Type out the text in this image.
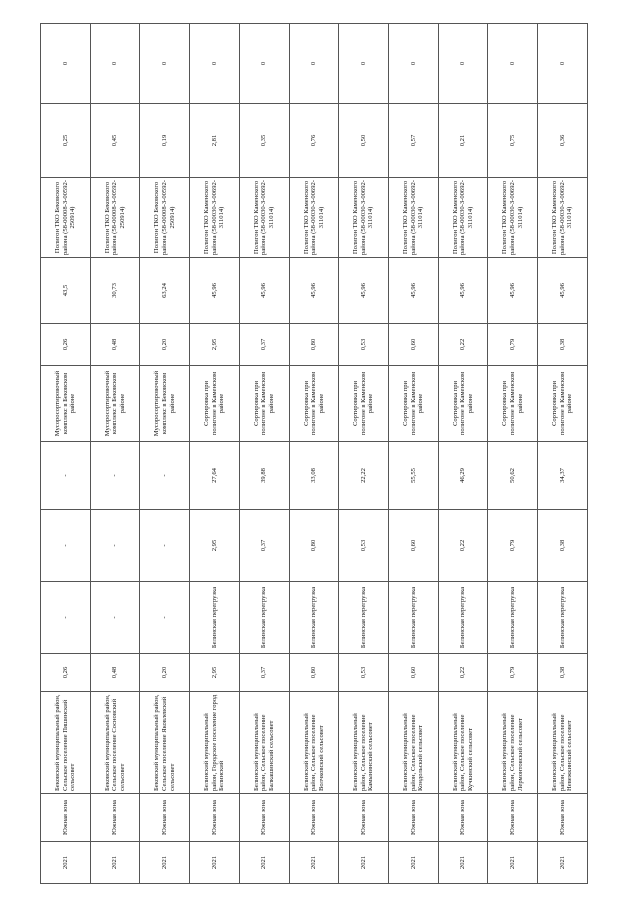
2021	Южная зона	Бековский муниципальный район, Сельское поселение Пяшинский сельсовет	0,26	-	-	-	Мусоросортировочный комплекс в Бековском районе	0,26	43,5	Полигон ТКО Бековского района (58-00008-З-00592-250914)	0,25	0
2021	Южная зона	Бековский муниципальный район, Сельское поселение Сосновский сельсовет	0,48	-	-	-	Мусоросортировочный комплекс в Бековском районе	0,48	30,73	Полигон ТКО Бековского района (58-00008-З-00592-250914)	0,45	0
2021	Южная зона	Бековский муниципальный район, Сельское поселение Яковлевский сельсовет	0,20	-	-	-	Мусоросортировочный комплекс в Бековском районе	0,20	63,24	Полигон ТКО Бековского района (58-00008-З-00592-250914)	0,19	0
2021	Южная зона	Белинский муниципальный район, Городское поселение город Белинский	2,95	Белинская перегрузка	2,95	27,64	Сортировка при полигоне в Каменском районе	2,95	45,96	Полигон ТКО Каменского района (58-00030-З-00692-311014)	2,81	0
2021	Южная зона	Белинский муниципальный район, Сельское поселение Балкашинский сельсовет	0,37	Белинская перегрузка	0,37	39,88	Сортировка при полигоне в Каменском районе	0,37	45,96	Полигон ТКО Каменского района (58-00030-З-00692-311014)	0,35	0
2021	Южная зона	Белинский муниципальный район, Сельское поселение Волчковский сельсовет	0,80	Белинская перегрузка	0,80	33,08	Сортировка при полигоне в Каменском районе	0,80	45,96	Полигон ТКО Каменского района (58-00030-З-00692-311014)	0,76	0
2021	Южная зона	Белинский муниципальный район, Сельское поселение Камынинский сельсовет	0,53	Белинская перегрузка	0,53	22,22	Сортировка при полигоне в Каменском районе	0,53	45,96	Полигон ТКО Каменского района (58-00030-З-00692-311014)	0,50	0
2021	Южная зона	Белинский муниципальный район, Сельское поселение Кондольский сельсовет	0,60	Белинская перегрузка	0,60	55,55	Сортировка при полигоне в Каменском районе	0,60	45,96	Полигон ТКО Каменского района (58-00030-З-00692-311014)	0,57	0
2021	Южная зона	Белинский муниципальный район, Сельское поселение Кучкинский сельсовет	0,22	Белинская перегрузка	0,22	46,29	Сортировка при полигоне в Каменском районе	0,22	45,96	Полигон ТКО Каменского района (58-00030-З-00692-311014)	0,21	0
2021	Южная зона	Белинский муниципальный район, Сельское поселение Лермонтовский сельсовет	0,79	Белинская перегрузка	0,79	50,62	Сортировка при полигоне в Каменском районе	0,79	45,96	Полигон ТКО Каменского района (58-00030-З-00692-311014)	0,75	0
2021	Южная зона	Белинский муниципальный район, Сельское поселение Невежкинский сельсовет	0,38	Белинская перегрузка	0,38	34,37	Сортировка при полигоне в Каменском районе	0,38	45,96	Полигон ТКО Каменского района (58-00030-З-00692-311014)	0,36	0
